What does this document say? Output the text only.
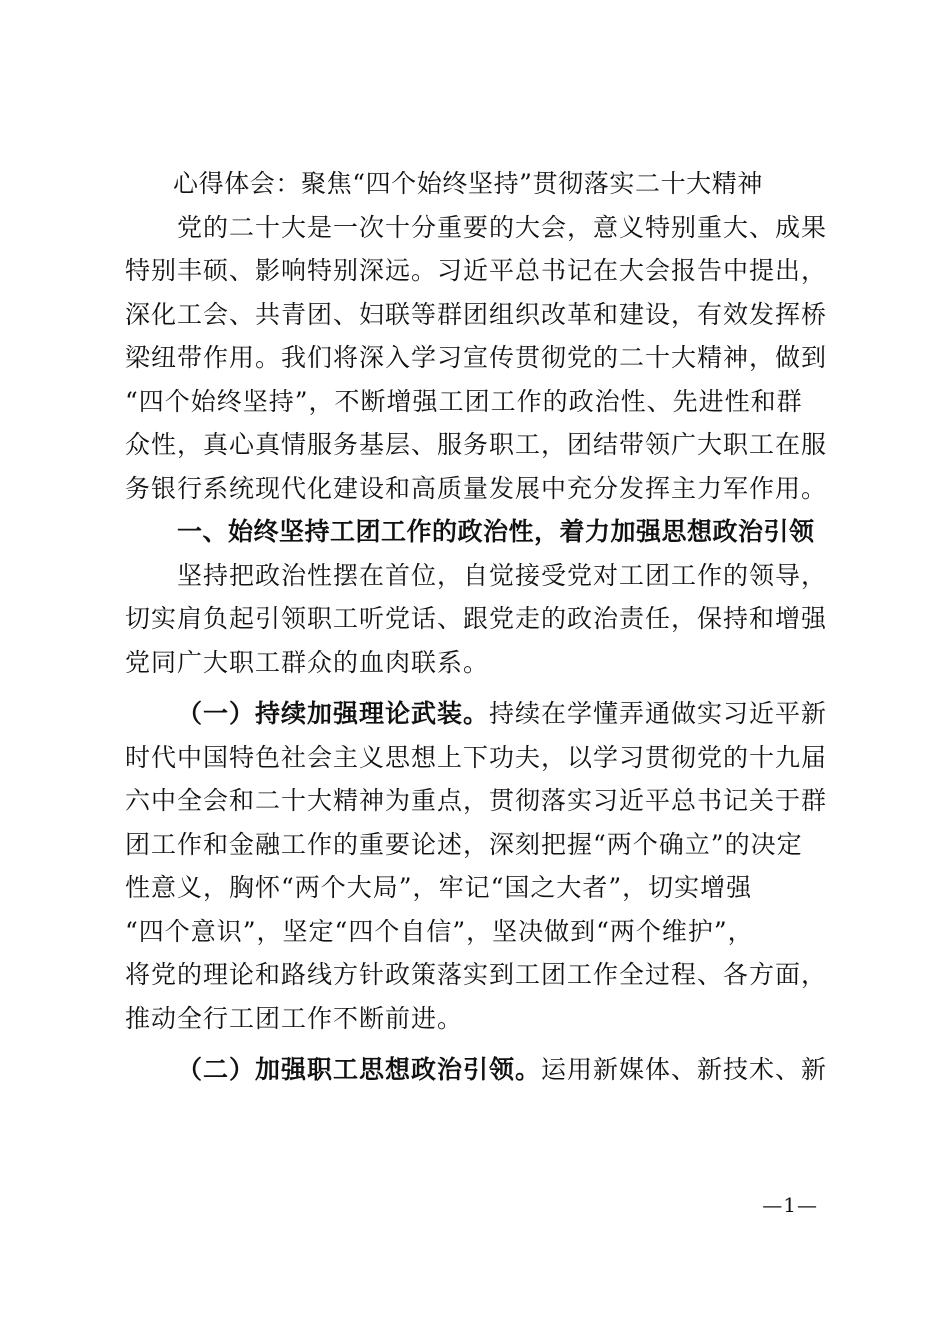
心得体会：聚焦“四个始终坚持”贯彻落实二十大精神
党的二十大是一次十分重要的大会，意义特别重大、成果
特别丰硕、影响特别深远。习近平总书记在大会报告中提出，
深化工会、共青团、妇联等群团组织改革和建设，有效发挥桥
梁纽带作用。我们将深入学习宣传贯彻党的二十大精神，做到
“四个始终坚持”，不断增强工团工作的政治性、先进性和群
众性，真心真情服务基层、服务职工，团结带领广大职工在服
务银行系统现代化建设和高质量发展中充分发挥主力军作用。
一、始终坚持工团工作的政治性，着力加强思想政治引领
坚持把政治性摆在首位，自觉接受党对工团工作的领导，
切实肩负起引领职工听党话、跟党走的政治责任，保持和增强
党同广大职工群众的血肉联系。
（一）持续加强理论武装。持续在学懂弄通做实习近平新
时代中国特色社会主义思想上下功夫，以学习贯彻党的十九届
六中全会和二十大精神为重点，贯彻落实习近平总书记关于群
团工作和金融工作的重要论述，深刻把握“两个确立”的决定
性意义，胸怀“两个大局”，牢记“国之大者”，切实增强
“四个意识”，坚定“四个自信”，坚决做到“两个维护”，
将党的理论和路线方针政策落实到工团工作全过程、各方面，
推动全行工团工作不断前进。
（二）加强职工思想政治引领。运用新媒体、新技术、新
—1—
